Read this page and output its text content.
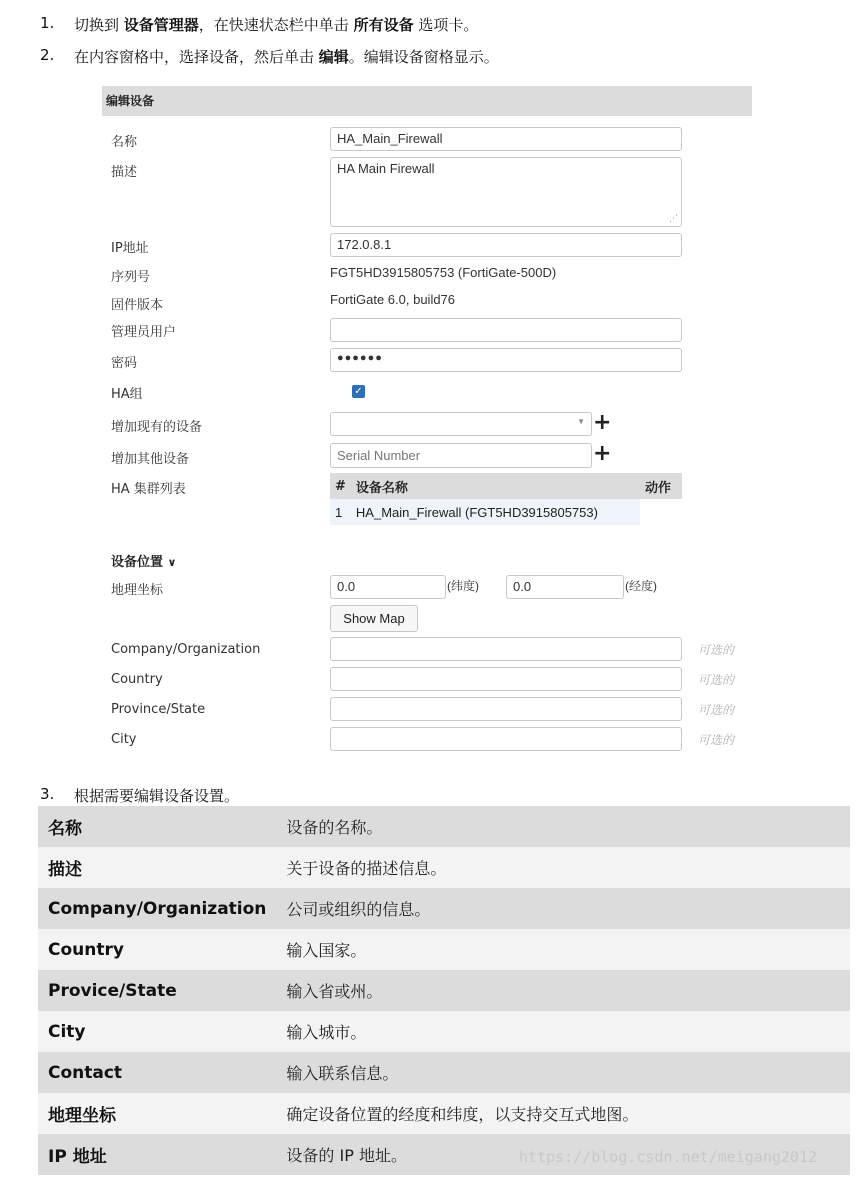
1. 切换到 设备管理器，在快速状态栏中单击 所有设备 选项卡。
2. 在内容窗格中，选择设备，然后单击 编辑。编辑设备窗格显示。
编辑设备
名称	HA_Main_Firewall
描述	HA Main Firewall
⋰
IP地址	172.0.8.1
序列号	FGT5HD3915805753 (FortiGate-500D)
固件版本	FortiGate 6.0, build76
管理员用户
密码	●●●●●●
HA组	✓
增加现有的设备	▼ +
增加其他设备
Serial Number	+
HA 集群列表	#	设备名称	动作
1	HA_Main_Firewall (FGT5HD3915805753)	
设备位置 ∨
地理坐标	0.0	(纬度)	0.0	(经度)
Show Map
Company/Organization	可选的
Country	可选的
Province/State	可选的
City	可选的
3. 根据需要编辑设备设置。
名称	设备的名称。
描述	关于设备的描述信息。
Company/Organization	公司或组织的信息。
Country	输入国家。
Provice/State	输入省或州。
City	输入城市。
Contact	输入联系信息。
地理坐标	确定设备位置的经度和纬度，以支持交互式地图。
IP 地址	设备的 IP 地址。	https://blog.csdn.net/meigang2012
